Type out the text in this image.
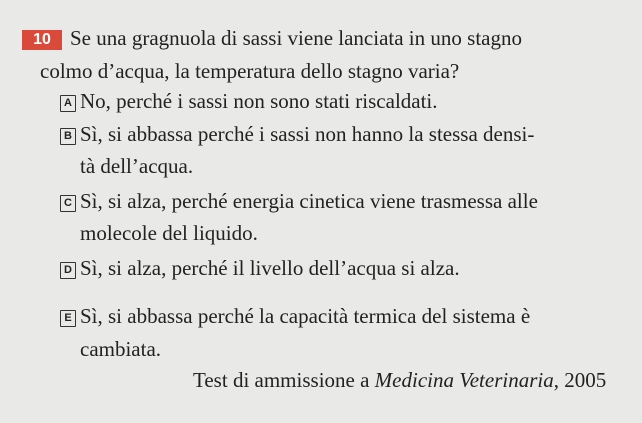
10 Se una gragnuola di sassi viene lanciata in uno stagno
colmo d’acqua, la temperatura dello stagno varia?
A No, perché i sassi non sono stati riscaldati.
B Sì, si abbassa perché i sassi non hanno la stessa densi-
tà dell’acqua.
C Sì, si alza, perché energia cinetica viene trasmessa alle
molecole del liquido.
D Sì, si alza, perché il livello dell’acqua si alza.
E Sì, si abbassa perché la capacità termica del sistema è
cambiata.
Test di ammissione a Medicina Veterinaria, 2005
